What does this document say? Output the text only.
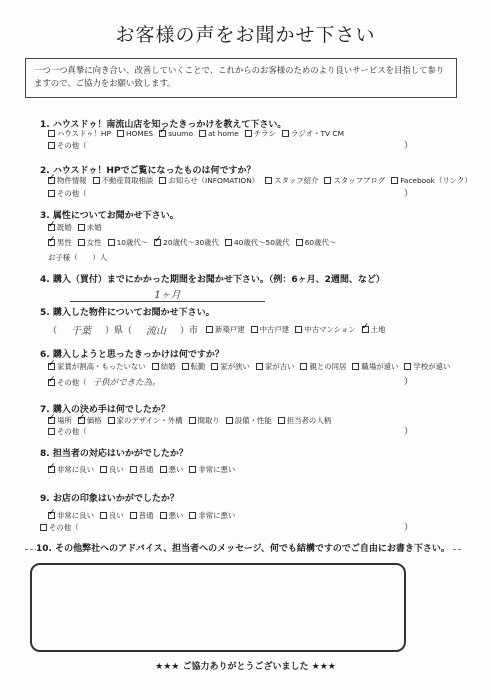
お客様の声をお聞かせ下さい
一つ一つ真摯に向き合い、改善していくことで、これからのお客様のためのより良いサービスを目指して参りますので、ご協力をお願い致します。
1. ハウスドゥ！南流山店を知ったきっかけを教えて下さい。
ハウスドゥ！HP HOMES ✓ suumo at home チラシ ラジオ・TV CM
その他（	）
2. ハウスドゥ！HPでご覧になったものは何ですか？
✓
物件情報 不動産買取相談 お知らせ（INFOMATION） スタッフ紹介 スタッフブログ Facebook（リンク）
その他（	）
3. 属性についてお聞かせ下さい。
✓
既婚 未婚
✓
男性 女性 10歳代〜 ✓ 20歳代〜30歳代 40歳代〜50歳代 60歳代〜
お子様（　　）人
4. 購入（買付）までにかかった期間をお聞かせ下さい。（例：6ヶ月、2週間、など）
1ヶ月
5. 購入した物件についてお聞かせ下さい。
（ 千葉 ）県（ 流山 ）市 新築戸建 中古戸建 中古マンション ✓ 土地
6. 購入しようと思ったきっかけは何ですか？
✓
家賃が割高・もったいない 結婚 転勤 家が狭い 家が古い 親との同居 職場が遠い 学校が遠い
✓
その他（ 子供ができた為。	）
7. 購入の決め手は何でしたか？
✓
場所 ✓ 価格 家のデザイン・外構 間取り 設備・性能 担当者の人柄
その他（	）
8. 担当者の対応はいかがでしたか？
✓
非常に良い 良い 普通 悪い 非常に悪い
9. お店の印象はいかがでしたか？
✓
非常に良い 良い 普通 悪い 非常に悪い
その他（	）
10. その他弊社へのアドバイス、担当者へのメッセージ、何でも結構ですのでご自由にお書き下さい。
★★★ ご協力ありがとうございました ★★★
